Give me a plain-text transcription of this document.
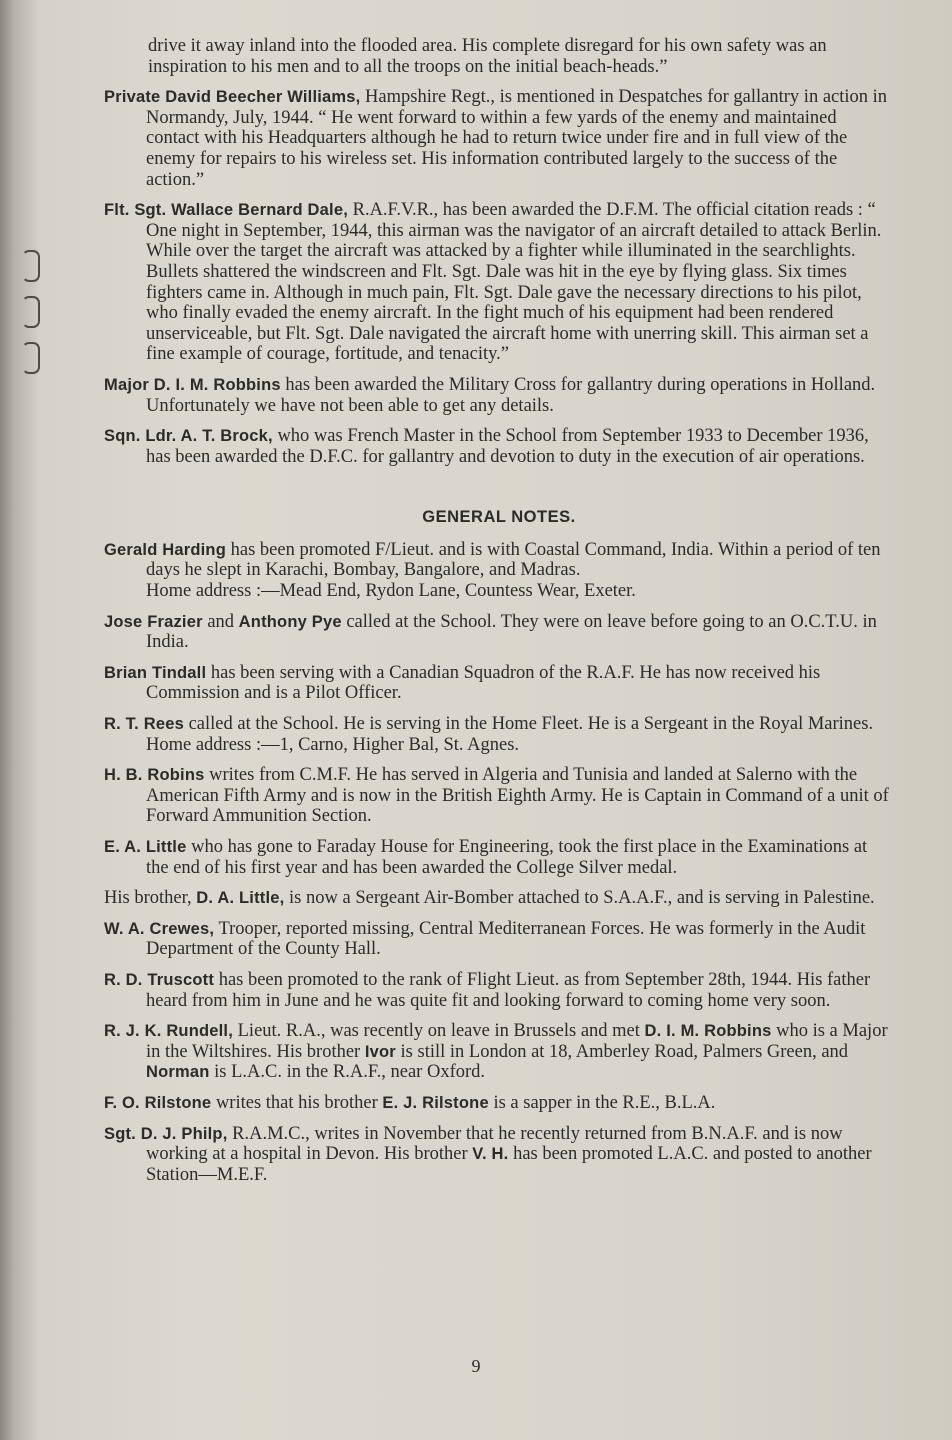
drive it away inland into the flooded area. His complete disregard for his own safety was an inspiration to his men and to all the troops on the initial beach-heads.”

Private David Beecher Williams, Hampshire Regt., is mentioned in Despatches for gallantry in action in Normandy, July, 1944. “ He went forward to within a few yards of the enemy and maintained contact with his Headquarters although he had to return twice under fire and in full view of the enemy for repairs to his wireless set. His information contributed largely to the success of the action.”

Flt. Sgt. Wallace Bernard Dale, R.A.F.V.R., has been awarded the D.F.M. The official citation reads : “ One night in September, 1944, this airman was the navigator of an aircraft detailed to attack Berlin. While over the target the aircraft was attacked by a fighter while illuminated in the searchlights. Bullets shattered the windscreen and Flt. Sgt. Dale was hit in the eye by flying glass. Six times fighters came in. Although in much pain, Flt. Sgt. Dale gave the necessary directions to his pilot, who finally evaded the enemy aircraft. In the fight much of his equipment had been rendered unserviceable, but Flt. Sgt. Dale navigated the aircraft home with unerring skill. This airman set a fine example of courage, fortitude, and tenacity.”

Major D. I. M. Robbins has been awarded the Military Cross for gallantry during operations in Holland. Unfortunately we have not been able to get any details.

Sqn. Ldr. A. T. Brock, who was French Master in the School from September 1933 to December 1936, has been awarded the D.F.C. for gallantry and devotion to duty in the execution of air operations.

GENERAL NOTES.

Gerald Harding has been promoted F/Lieut. and is with Coastal Command, India. Within a period of ten days he slept in Karachi, Bombay, Bangalore, and Madras.
Home address :—Mead End, Rydon Lane, Countess Wear, Exeter.

Jose Frazier and Anthony Pye called at the School. They were on leave before going to an O.C.T.U. in India.

Brian Tindall has been serving with a Canadian Squadron of the R.A.F. He has now received his Commission and is a Pilot Officer.

R. T. Rees called at the School. He is serving in the Home Fleet. He is a Sergeant in the Royal Marines.
Home address :—1, Carno, Higher Bal, St. Agnes.

H. B. Robins writes from C.M.F. He has served in Algeria and Tunisia and landed at Salerno with the American Fifth Army and is now in the British Eighth Army. He is Captain in Command of a unit of Forward Ammunition Section.

E. A. Little who has gone to Faraday House for Engineering, took the first place in the Examinations at the end of his first year and has been awarded the College Silver medal.

His brother, D. A. Little, is now a Sergeant Air-Bomber attached to S.A.A.F., and is serving in Palestine.

W. A. Crewes, Trooper, reported missing, Central Mediterranean Forces. He was formerly in the Audit Department of the County Hall.

R. D. Truscott has been promoted to the rank of Flight Lieut. as from September 28th, 1944. His father heard from him in June and he was quite fit and looking forward to coming home very soon.

R. J. K. Rundell, Lieut. R.A., was recently on leave in Brussels and met D. I. M. Robbins who is a Major in the Wiltshires. His brother Ivor is still in London at 18, Amberley Road, Palmers Green, and Norman is L.A.C. in the R.A.F., near Oxford.

F. O. Rilstone writes that his brother E. J. Rilstone is a sapper in the R.E., B.L.A.

Sgt. D. J. Philp, R.A.M.C., writes in November that he recently returned from B.N.A.F. and is now working at a hospital in Devon. His brother V. H. has been promoted L.A.C. and posted to another Station—M.E.F.

9
